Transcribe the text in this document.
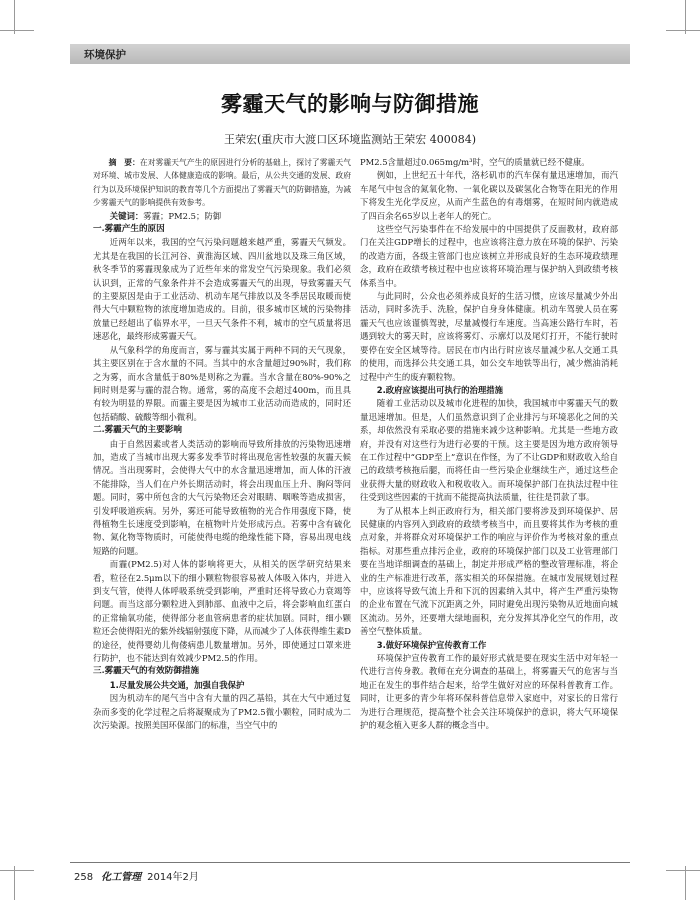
环境保护
雾霾天气的影响与防御措施
王荣宏(重庆市大渡口区环境监测站王荣宏 400084)

摘　要：在对雾霾天气产生的原因进行分析的基础上，探讨了雾霾天气对环境、城市发展、人体健康造成的影响。最后，从公共交通的发展、政府行为以及环境保护知识的教育等几个方面提出了雾霾天气的防御措施，为减少雾霾天气的影响提供有效参考。

关键词：雾霾；PM2.5；防御

一.雾霾产生的原因

近两年以来，我国的空气污染问题越来越严重，雾霾天气频发。尤其是在我国的长江河谷、黄淮海区域、四川盆地以及珠三角区域，秋冬季节的雾霾现象成为了近些年来的常发空气污染现象。我们必须认识到，正常的气象条件并不会造成雾霾天气的出现，导致雾霾天气的主要原因是由于工业活动、机动车尾气排放以及冬季居民取暖而使得大气中颗粒物的浓度增加造成的。目前，很多城市区域的污染物排放量已经超出了临界水平，一旦天气条件不利，城市的空气质量将迅速恶化，最终形成雾霾天气。

从气象科学的角度而言，雾与霾其实属于两种不同的天气现象，其主要区别在于含水量的不同。当其中的水含量超过90%时，我们称之为雾，而水含量低于80%是则称之为霾。当水含量在80%-90%之间时则是雾与霾的混合物。通常，雾的高度不会超过400m，而且具有较为明显的界限。而霾主要是因为城市工业活动而造成的，同时还包括硝酸、硫酸等细小微利。

二.雾霾天气的主要影响

由于自然因素或者人类活动的影响而导致所排放的污染物迅速增加，造成了当城市出现大雾多发季节时将出现危害性较强的灰霾天候情况。当出现雾时，会使得大气中的水含量迅速增加，而人体的汗液不能排除，当人们在户外长期活动时，将会出现血压上升、胸闷等问题。同时，雾中所包含的大气污染物还会对眼睛、咽喉等造成损害，引发呼吸道疾病。另外，雾还可能导致植物的光合作用强度下降，使得植物生长速度受到影响，在植物叶片处形成污点。若雾中含有硫化物、氮化物等物质时，可能使得电缆的绝缘性能下降，容易出现电线短路的问题。

而霾(PM2.5)对人体的影响将更大，从相关的医学研究结果来看，粒径在2.5μm以下的细小颗粒物很容易被人体吸入体内，并进入到支气管，使得人体呼吸系统受到影响，严重时还将导致心力衰竭等问题。而当这部分颗粒进入到肺部、血液中之后，将会影响血红蛋白的正常输氧功能，使得部分老血管病患者的症状加剧。同时，细小颗粒还会使得阳光的紫外线辐射强度下降，从而减少了人体获得维生素D的途径，使得婴幼儿佝偻病患儿数量增加。另外，即使通过口罩来进行防护，也不能达到有效减少PM2.5的作用。

三.雾霾天气的有效防御措施
1.尽量发展公共交通，加强自我保护

因为机动车的尾气当中含有大量的四乙基铅，其在大气中通过复杂而多变的化学过程之后将凝聚成为了PM2.5微小颗粒，同时成为二次污染源。按照美国环保部门的标准，当空气中的

PM2.5含量超过0.065mg/m³时，空气的质量就已经不健康。

例如，上世纪五十年代，洛杉矶市的汽车保有量迅速增加，而汽车尾气中包含的氮氧化物、一氧化碳以及碳氢化合物等在阳光的作用下将发生光化学反应，从而产生蓝色的有毒烟雾，在短时间内就造成了四百余名65岁以上老年人的死亡。

这些空气污染事件在不给发展中的中国提供了反面教材，政府部门在关注GDP增长的过程中，也应该将注意力放在环境的保护、污染的改造方面，各级主管部门也应该树立并形成良好的生态环境政绩理念，政府在政绩考核过程中也应该将环境治理与保护纳入到政绩考核体系当中。

与此同时，公众也必须养成良好的生活习惯，应该尽量减少外出活动，同时多洗手、洗脸，保护自身身体健康。机动车驾驶人员在雾霾天气也应该谨慎驾驶，尽量减慢行车速度。当高速公路行车时，若遇到较大的雾天时，应该将雾灯、示廓灯以及尾灯打开，不能行驶时要停在安全区域等待。居民在市内出行时应该尽量减少私人交通工具的使用，而选择公共交通工具，如公交车地铁等出行，减少燃油消耗过程中产生的废弃颗粒物。

2.政府应该提出可执行的治理措施

随着工业活动以及城市化进程的加快，我国城市中雾霾天气的数量迅速增加。但是，人们虽然意识到了企业排污与环境恶化之间的关系，却依然没有采取必要的措施来减少这种影响。尤其是一些地方政府，并没有对这些行为进行必要的干预。这主要是因为地方政府领导在工作过程中“GDP至上”意识在作怪，为了不让GDP和财政收入给自己的政绩考核拖后腿，而将任由一些污染企业继续生产，通过这些企业获得大量的财政收入和税收收入。而环境保护部门在执法过程中往往受到这些因素的干扰而不能提高执法质量，往往是罚款了事。

为了从根本上纠正政府行为，相关部门要将涉及到环境保护、居民健康的内容列入到政府的政绩考核当中，而且要将其作为考核的重点对象，并将群众对环境保护工作的响应与评价作为考核对象的重点指标。对那些重点排污企业，政府的环境保护部门以及工业管理部门要在当地详细调查的基础上，制定并形成严格的整改管理标准，将企业的生产标准进行改革，落实相关的环保措施。在城市发展规划过程中，应该将导致气流上升和下沉的因素纳入其中，将产生严重污染物的企业布置在气流下沉距离之外，同时避免出现污染物从近地面向城区流动。另外，还要增大绿地面积，充分发挥其净化空气的作用，改善空气整体质量。

3.做好环境保护宣传教育工作

环境保护宣传教育工作的最好形式就是要在现实生活中对年轻一代进行言传身教。教师在充分调查的基础上，将雾霾天气的危害与当地正在发生的事件结合起来，给学生做好对应的环保科普教育工作。同时，让更多的青少年将环保科普信息带入家庭中，对家长的日常行为进行合理规范，提高整个社会关注环境保护的意识，将大气环境保护的观念植入更多人群的概念当中。

258 化工管理 2014年2月
